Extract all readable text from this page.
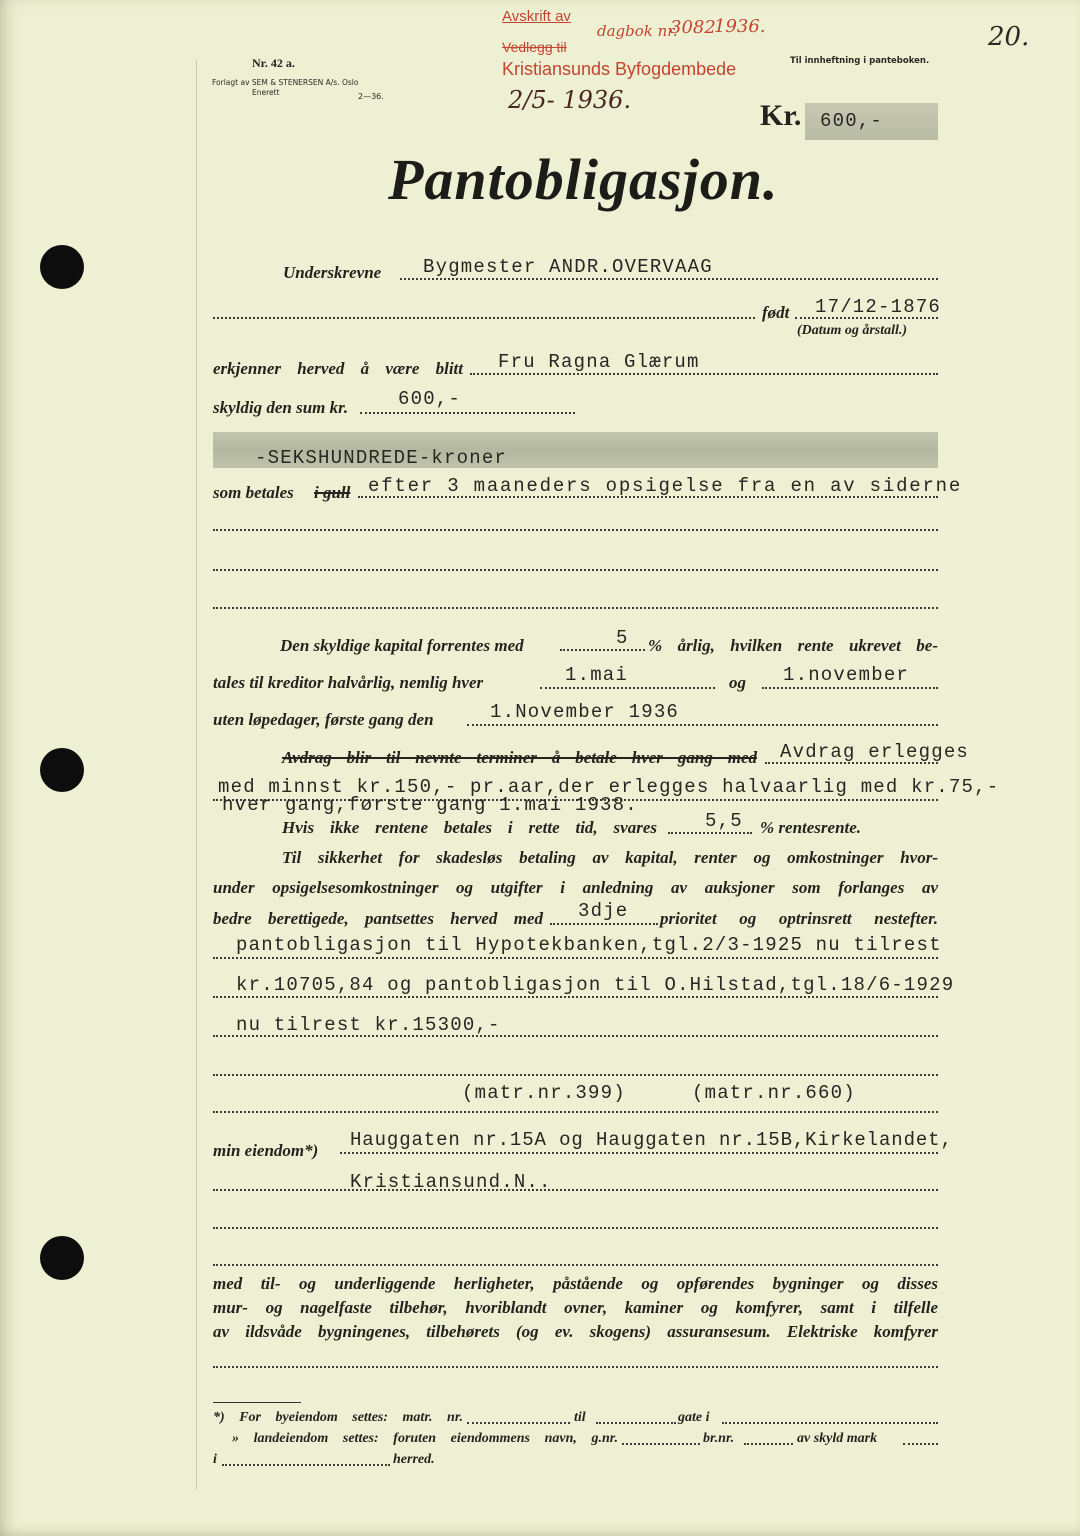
Nr. 42 a.
Forlagt av SEM & STENERSEN A/s. Oslo
Enerett	2—36.
Avskrift av
dagbok nr.
3082
1936.
Vedlegg til
Kristiansunds Byfogdembede
2/5- 1936.
Til innheftning i panteboken.
20.
Kr. 600,-
Pantobligasjon.
Underskrevne Bygmester ANDR.OVERVAAG
født 17/12-1876
(Datum og årstall.)
erkjenner herved å være blitt Fru Ragna Glærum
skyldig den sum kr.	600,-
-SEKSHUNDREDE-kroner
som betales i gull efter 3 maaneders opsigelse fra en av siderne
Den skyldige kapital forrentes med	5 % årlig, hvilken rente ukrevet be-
tales til kreditor halvårlig, nemlig hver	1.mai	og 1.november
uten løpedager, første gang den	1.November 1936
Avdrag blir til nevnte terminer å betale hver gang med Avdrag erlegges
med minnst kr.150,- pr.aar,der erlegges halvaarlig med kr.75,-
hver gang,første gang 1.mai 1938.
Hvis ikke rentene betales i rette tid, svares	5,5 % rentesrente.
Til sikkerhet for skadesløs betaling av kapital, renter og omkostninger hvor-
under opsigelsesomkostninger og utgifter i anledning av auksjoner som forlanges av
bedre berettigede, pantsettes herved med 3dje prioritet og optrinsrett nestefter.
pantobligasjon til Hypotekbanken,tgl.2/3-1925 nu tilrest
kr.10705,84 og pantobligasjon til O.Hilstad,tgl.18/6-1929
nu tilrest kr.15300,-
(matr.nr.399)	(matr.nr.660)
min eiendom*) Hauggaten nr.15A og Hauggaten nr.15B,Kirkelandet,
Kristiansund.N..
med til- og underliggende herligheter, påstående og opførendes bygninger og disses
mur- og nagelfaste tilbehør, hvoriblandt ovner, kaminer og komfyrer, samt i tilfelle
av ildsvåde bygningenes, tilbehørets (og ev. skogens) assuransesum. Elektriske komfyrer
*) For byeiendom settes: matr. nr.	til	gate i
» landeiendom settes: foruten eiendommens navn, g.nr.	br.nr.	av skyld mark
i	herred.
